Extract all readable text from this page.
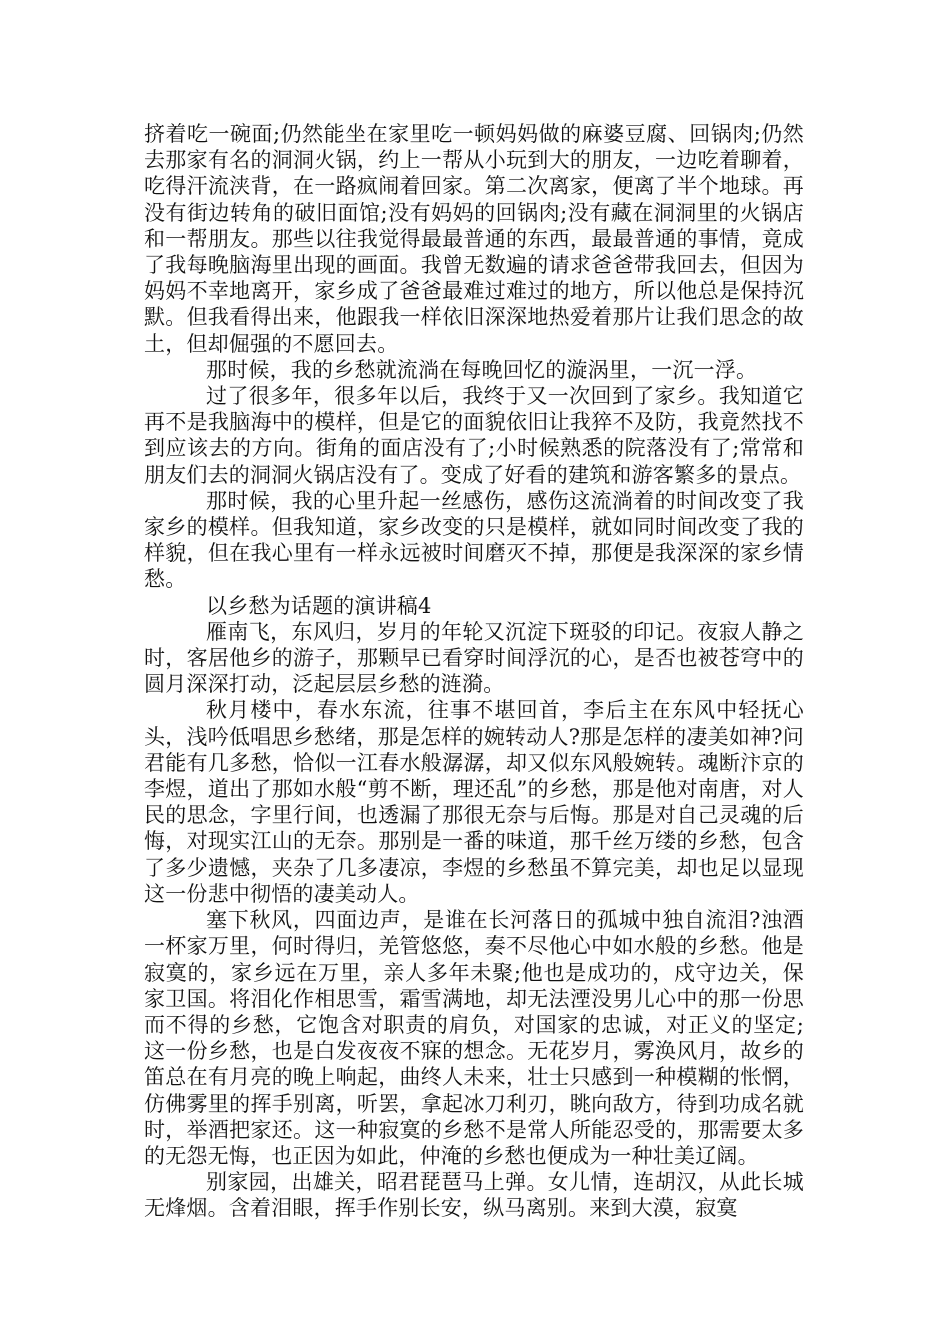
挤着吃一碗面;仍然能坐在家里吃一顿妈妈做的麻婆豆腐、回锅肉;仍然去那家有名的洞洞火锅，约上一帮从小玩到大的朋友，一边吃着聊着，吃得汗流浃背，在一路疯闹着回家。第二次离家，便离了半个地球。再没有街边转角的破旧面馆;没有妈妈的回锅肉;没有藏在洞洞里的火锅店和一帮朋友。那些以往我觉得最最普通的东西，最最普通的事情，竟成了我每晚脑海里出现的画面。我曾无数遍的请求爸爸带我回去，但因为妈妈不幸地离开，家乡成了爸爸最难过难过的地方，所以他总是保持沉默。但我看得出来，他跟我一样依旧深深地热爱着那片让我们思念的故土，但却倔强的不愿回去。

那时候，我的乡愁就流淌在每晚回忆的漩涡里，一沉一浮。

过了很多年，很多年以后，我终于又一次回到了家乡。我知道它再不是我脑海中的模样，但是它的面貌依旧让我猝不及防，我竟然找不到应该去的方向。街角的面店没有了;小时候熟悉的院落没有了;常常和朋友们去的洞洞火锅店没有了。变成了好看的建筑和游客繁多的景点。

那时候，我的心里升起一丝感伤，感伤这流淌着的时间改变了我家乡的模样。但我知道，家乡改变的只是模样，就如同时间改变了我的样貌，但在我心里有一样永远被时间磨灭不掉，那便是我深深的家乡情愁。

以乡愁为话题的演讲稿4

雁南飞，东风归，岁月的年轮又沉淀下斑驳的印记。夜寂人静之时，客居他乡的游子，那颗早已看穿时间浮沉的心，是否也被苍穹中的圆月深深打动，泛起层层乡愁的涟漪。

秋月楼中，春水东流，往事不堪回首，李后主在东风中轻抚心头，浅吟低唱思乡愁绪，那是怎样的婉转动人?那是怎样的凄美如神?问君能有几多愁，恰似一江春水般潺潺，却又似东风般婉转。魂断汴京的李煜，道出了那如水般“剪不断，理还乱”的乡愁，那是他对南唐，对人民的思念，字里行间，也透漏了那很无奈与后悔。那是对自己灵魂的后悔，对现实江山的无奈。那别是一番的味道，那千丝万缕的乡愁，包含了多少遗憾，夹杂了几多凄凉，李煜的乡愁虽不算完美，却也足以显现这一份悲中彻悟的凄美动人。

塞下秋风，四面边声，是谁在长河落日的孤城中独自流泪?浊酒一杯家万里，何时得归，羌管悠悠，奏不尽他心中如水般的乡愁。他是寂寞的，家乡远在万里，亲人多年未聚;他也是成功的，戍守边关，保家卫国。将泪化作相思雪，霜雪满地，却无法湮没男儿心中的那一份思而不得的乡愁，它饱含对职责的肩负，对国家的忠诚，对正义的坚定;这一份乡愁，也是白发夜夜不寐的想念。无花岁月，雾涣风月，故乡的笛总在有月亮的晚上响起，曲终人未来，壮士只感到一种模糊的怅惘，仿佛雾里的挥手别离，听罢，拿起冰刀利刃，眺向敌方，待到功成名就时，举酒把家还。这一种寂寞的乡愁不是常人所能忍受的，那需要太多的无怨无悔，也正因为如此，仲淹的乡愁也便成为一种壮美辽阔。

别家园，出雄关，昭君琵琶马上弹。女儿情，连胡汉，从此长城无烽烟。含着泪眼，挥手作别长安，纵马离别。来到大漠，寂寞
